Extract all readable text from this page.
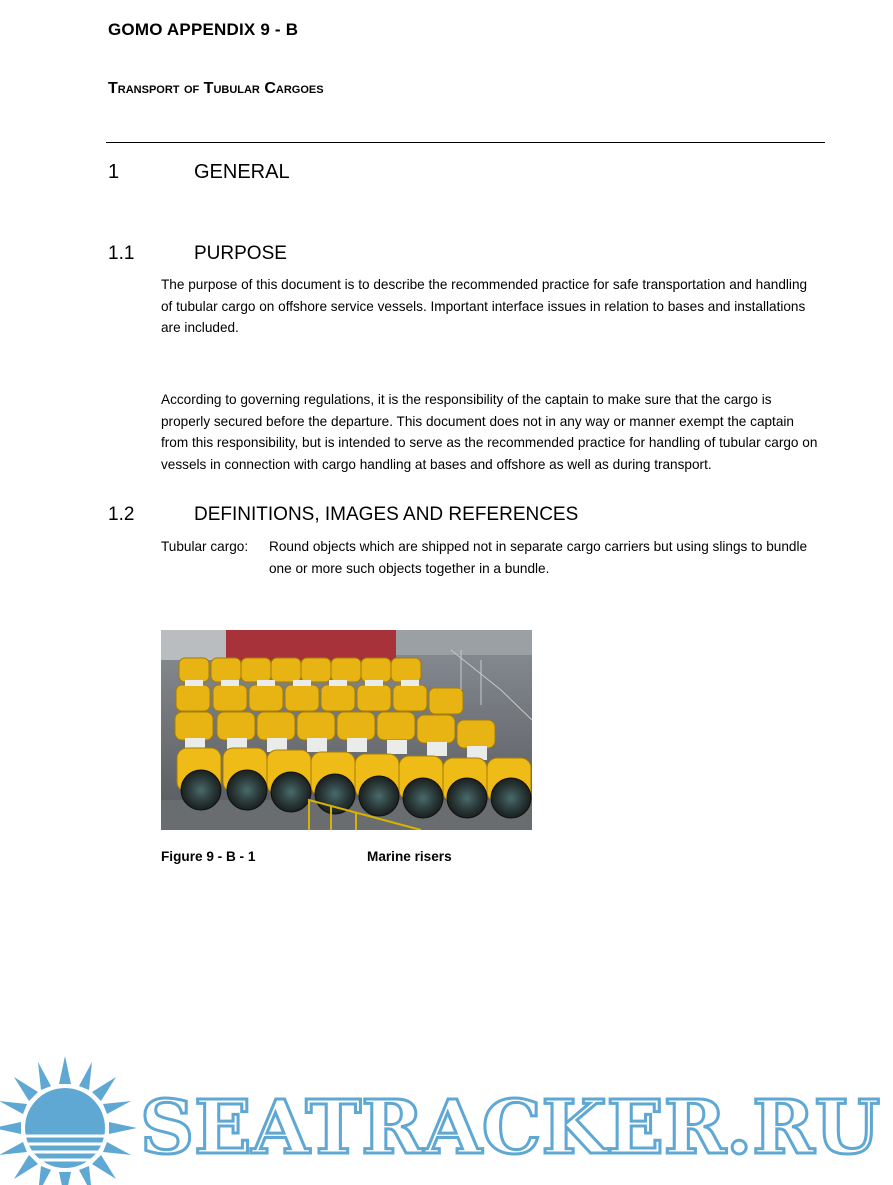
GOMO APPENDIX 9 - B
Transport of Tubular Cargoes
1	GENERAL
1.1	PURPOSE
The purpose of this document is to describe the recommended practice for safe transportation and handling of tubular cargo on offshore service vessels. Important interface issues in relation to bases and installations are included.
According to governing regulations, it is the responsibility of the captain to make sure that the cargo is properly secured before the departure. This document does not in any way or manner exempt the captain from this responsibility, but is intended to serve as the recommended practice for handling of tubular cargo on vessels in connection with cargo handling at bases and offshore as well as during transport.
1.2	DEFINITIONS, IMAGES AND REFERENCES
Tubular cargo: Round objects which are shipped not in separate cargo carriers but using slings to bundle one or more such objects together in a bundle.
Figure 9 - B - 1	Marine risers
SEATRACKER.RU
